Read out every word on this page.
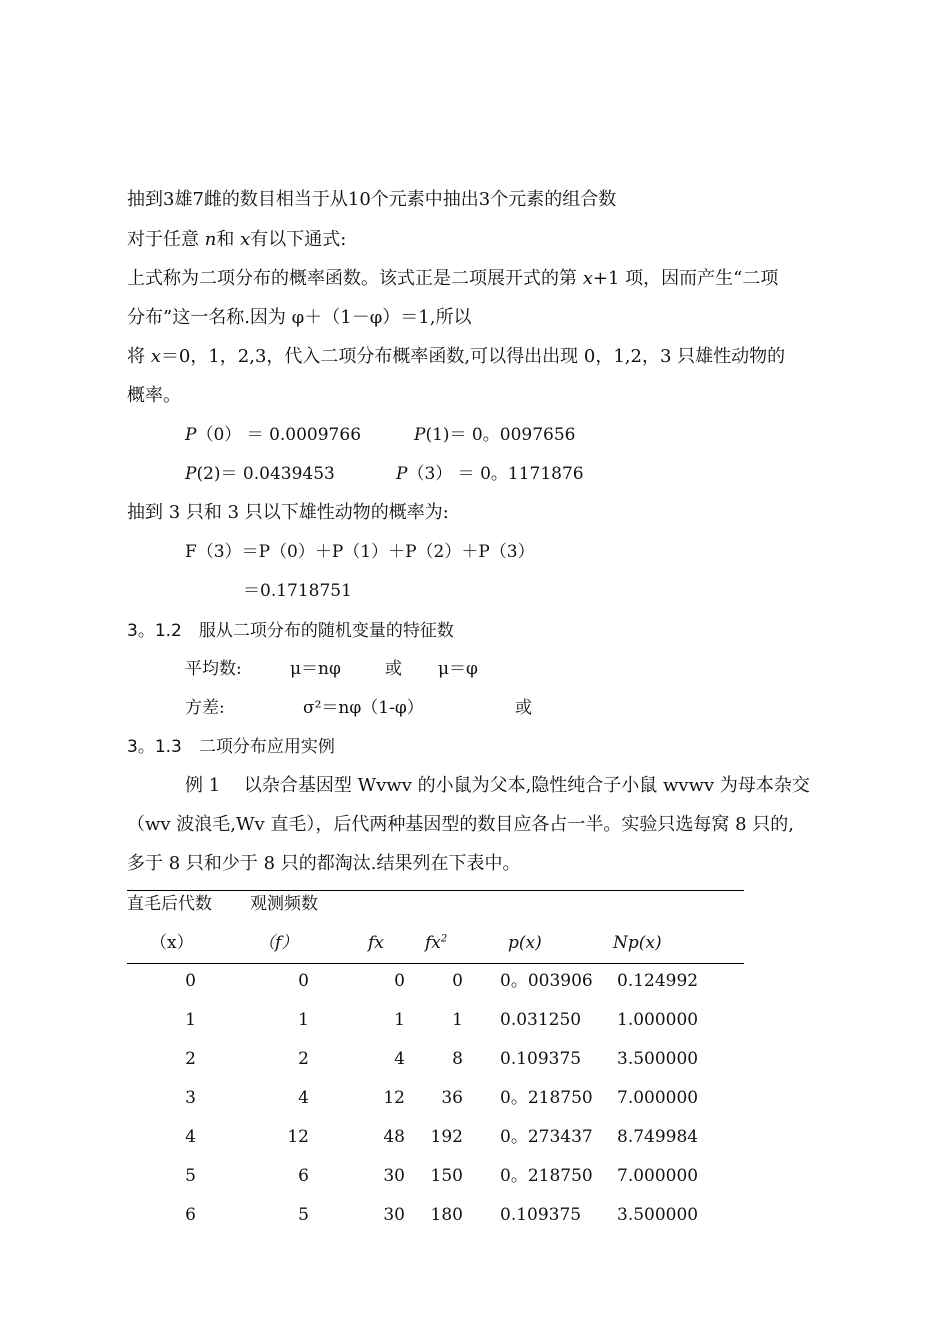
抽到3雄7雌的数目相当于从10个元素中抽出3个元素的组合数
对于任意 n和 x有以下通式:
上式称为二项分布的概率函数。该式正是二项展开式的第 x+1 项，因而产生“二项
分布”这一名称.因为 φ＋（1－φ）＝1,所以
将 x＝0，1，2,3，代入二项分布概率函数,可以得出出现 0，1,2，3 只雄性动物的
概率。
P（0） ＝ 0.0009766	P(1)＝ 0。0097656
P(2)＝ 0.0439453	P（3） ＝ 0。1171876
抽到 3 只和 3 只以下雄性动物的概率为:
F（3）＝P（0）＋P（1）＋P（2）＋P（3）
＝0.1718751
3。1.2　服从二项分布的随机变量的特征数
平均数:	μ＝nφ	或 μ＝φ
方差:	σ²＝nφ（1-φ）	或
3。1.3　二项分布应用实例
例 1　 以杂合基因型 Wvwv 的小鼠为父本,隐性纯合子小鼠 wvwv 为母本杂交
（wv 波浪毛,Wv 直毛），后代两种基因型的数目应各占一半。实验只选每窝 8 只的,
多于 8 只和少于 8 只的都淘汰.结果列在下表中。
直毛后代数 观测频数
（x）	（f）	fx $fx^2$	p(x)	Np(x)
0	0	0	0 0。003906 0.124992
1	1	1	1 0.031250 1.000000
2	2	4	8 0.109375 3.500000
3	4	12	36 0。218750 7.000000
4	12	48	192 0。273437 8.749984
5	6	30	150 0。218750 7.000000
6	5	30	180 0.109375 3.500000
